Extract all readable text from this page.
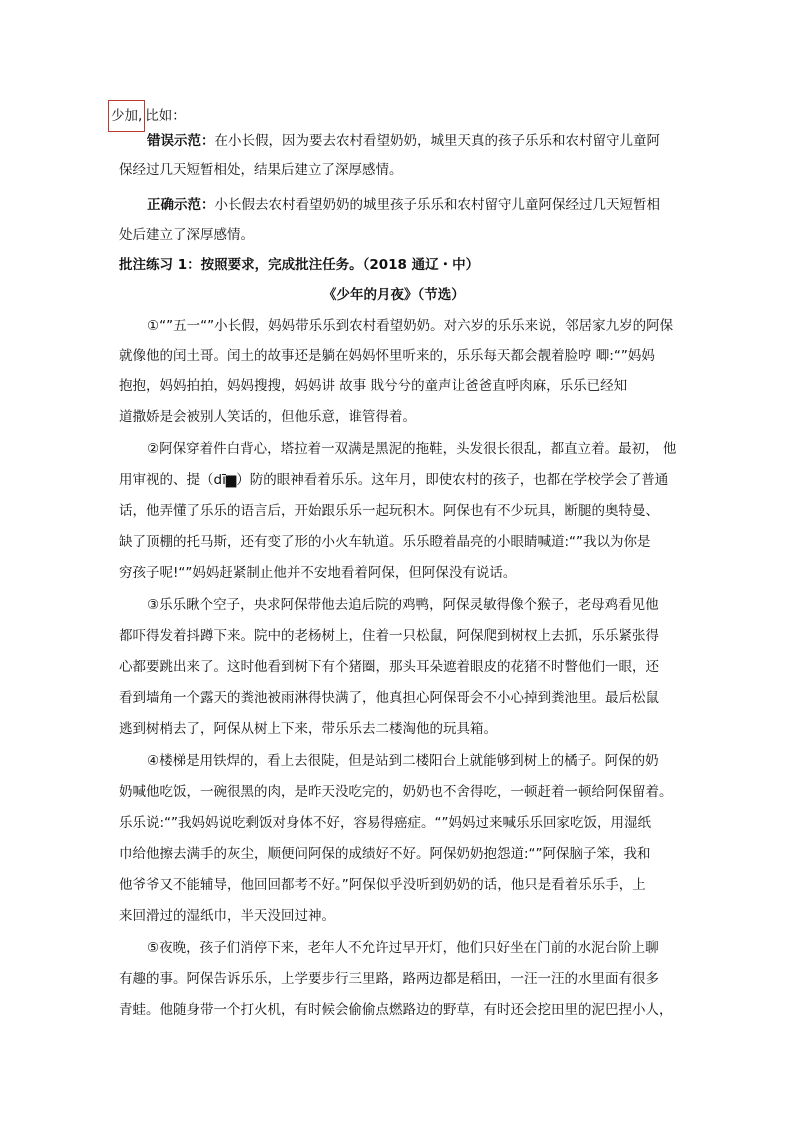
少加, 比如：
错误示范：在小长假，因为要去农村看望奶奶，城里天真的孩子乐乐和农村留守儿童阿
保经过几天短暂相处，结果后建立了深厚感情。
正确示范：小长假去农村看望奶奶的城里孩子乐乐和农村留守儿童阿保经过几天短暂相
处后建立了深厚感情。
批注练习 1：按照要求，完成批注任务。（2018 通辽・中）
《少年的月夜》（节选）
①“”五一“”小长假，妈妈带乐乐到农村看望奶奶。对六岁的乐乐来说，邻居家九岁的阿保
就像他的闰土哥。闰土的故事还是躺在妈妈怀里听来的，乐乐每天都会靓着脸哼 唧:“”妈妈
抱抱，妈妈拍拍，妈妈搜搜，妈妈讲 故事 戝兮兮的童声让爸爸直呼肉麻，乐乐已经知
道撒娇是会被别人笑话的，但他乐意，谁管得着。
②阿保穿着件白背心，塔拉着一双满是黑泥的拖鞋，头发很长很乱，都直立着。最初， 他
用审视的、提（dī▆）防的眼神看着乐乐。这年月，即使农村的孩子，也都在学校学会了普通
话，他弄懂了乐乐的语言后，开始跟乐乐一起玩积木。阿保也有不少玩具，断腿的奥特曼、
缺了顶棚的托马斯，还有变了形的小火车轨道。乐乐瞪着晶亮的小眼睛喊道:“”我以为你是
穷孩子呢!“”妈妈赶紧制止他并不安地看着阿保，但阿保没有说话。
③乐乐瞅个空子，央求阿保带他去追后院的鸡鸭，阿保灵敏得像个猴子，老母鸡看见他
都吓得发着抖蹲下来。院中的老杨树上，住着一只松鼠，阿保爬到树杈上去抓，乐乐紧张得
心都要跳出来了。这时他看到树下有个猪圈，那头耳朵遮着眼皮的花猪不时瞥他们一眼，还
看到墙角一个露天的粪池被雨淋得快满了，他真担心阿保哥会不小心掉到粪池里。最后松鼠
逃到树梢去了，阿保从树上下来，带乐乐去二楼淘他的玩具箱。
④楼梯是用铁焊的，看上去很陡，但是站到二楼阳台上就能够到树上的橘子。阿保的奶
奶喊他吃饭，一碗很黑的肉，是昨天没吃完的，奶奶也不舍得吃，一顿赶着一顿给阿保留着。
乐乐说:“”我妈妈说吃剩饭对身体不好，容易得癌症。“”妈妈过来喊乐乐回家吃饭，用湿纸
巾给他擦去满手的灰尘，顺便问阿保的成绩好不好。阿保奶奶抱怨道:“”阿保脑子笨，我和
他爷爷又不能辅导，他回回都考不好。”阿保似乎没听到奶奶的话，他只是看着乐乐手，上
来回滑过的湿纸巾，半天没回过神。
⑤夜晚，孩子们消停下来，老年人不允许过早开灯，他们只好坐在门前的水泥台阶上聊
有趣的事。阿保告诉乐乐，上学要步行三里路，路两边都是稻田，一汪一汪的水里面有很多
青蛙。他随身带一个打火机，有时候会偷偷点燃路边的野草，有时还会挖田里的泥巴捏小人，
